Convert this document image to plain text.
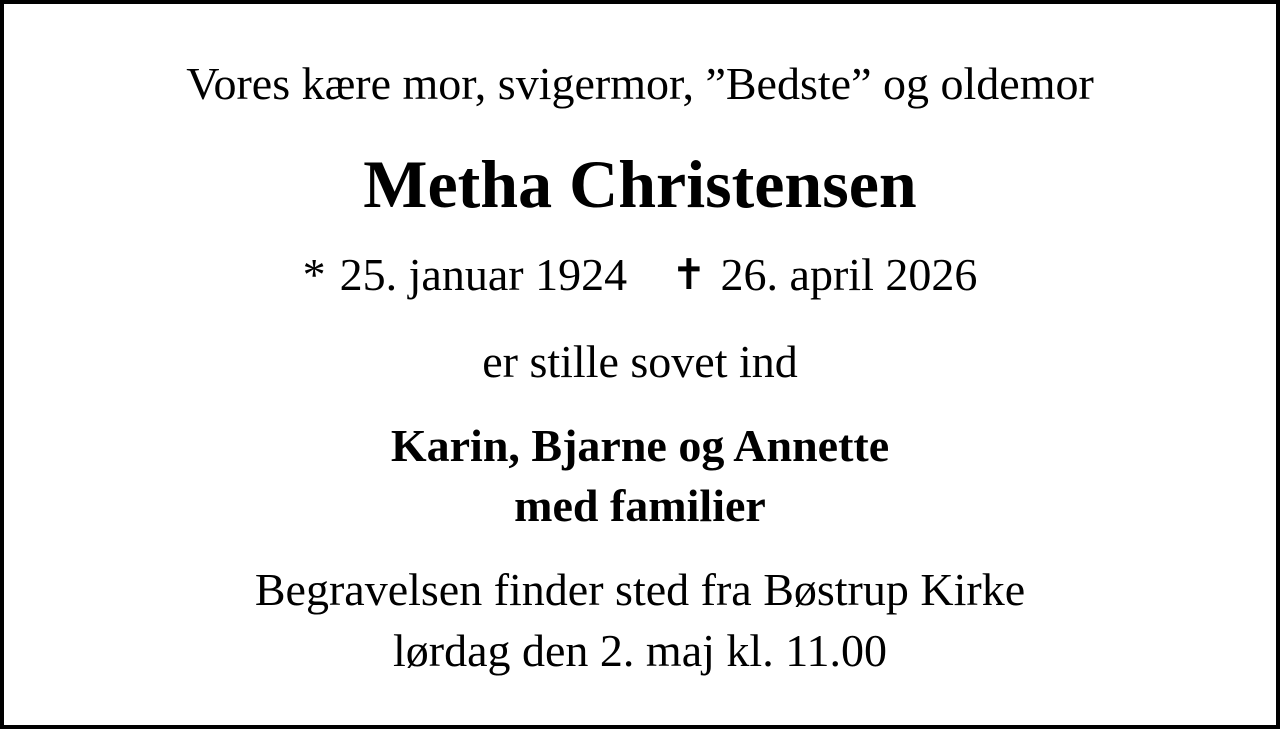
Vores kære mor, svigermor, ”Bedste” og oldemor
Metha Christensen
* 25. januar 1924 ✝ 26. april 2026
er stille sovet ind
Karin, Bjarne og Annette
med familier
Begravelsen finder sted fra Bøstrup Kirke
lørdag den 2. maj kl. 11.00
